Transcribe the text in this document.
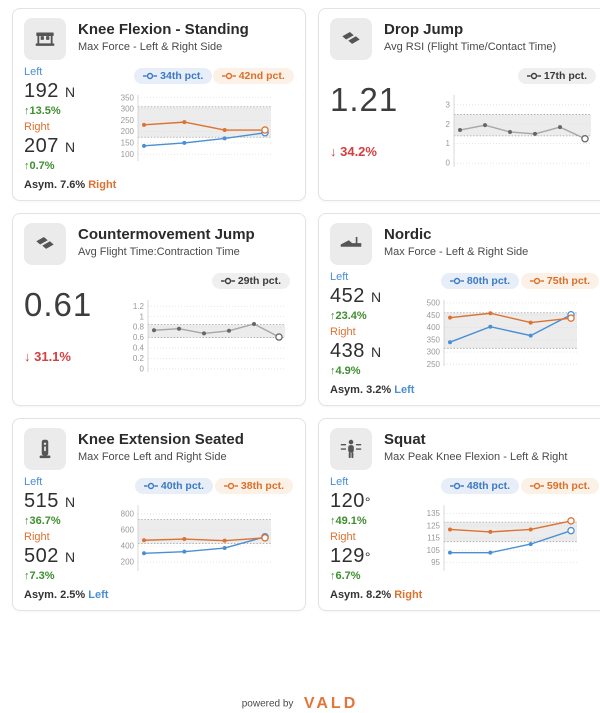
Knee Flexion - Standing
Max Force - Left & Right Side
Left
192 N
↑13.5%
Right
207 N
↑0.7%
Asym. 7.6% Right
34th pct.	42nd pct.
100
150
200
250
300
350
Drop Jump
Avg RSI (Flight Time/Contact Time)
1.21
↓ 34.2%
17th pct.
0
1
2
3
Countermovement Jump
Avg Flight Time:Contraction Time
0.61
↓ 31.1%
29th pct.
0
0.2
0.4
0.6
0.8
1
1.2
Nordic
Max Force - Left & Right Side
Left
452 N
↑23.4%
Right
438 N
↑4.9%
Asym. 3.2% Left
80th pct.	75th pct.
250
300
350
400
450
500
Knee Extension Seated
Max Force Left and Right Side
Left
515 N
↑36.7%
Right
502 N
↑7.3%
Asym. 2.5% Left
40th pct.	38th pct.
200
400
600
800
Squat
Max Peak Knee Flexion - Left & Right
Left
120°
↑49.1%
Right
129°
↑6.7%
Asym. 8.2% Right
48th pct.	59th pct.
95
105
115
125
135
powered by VALD
